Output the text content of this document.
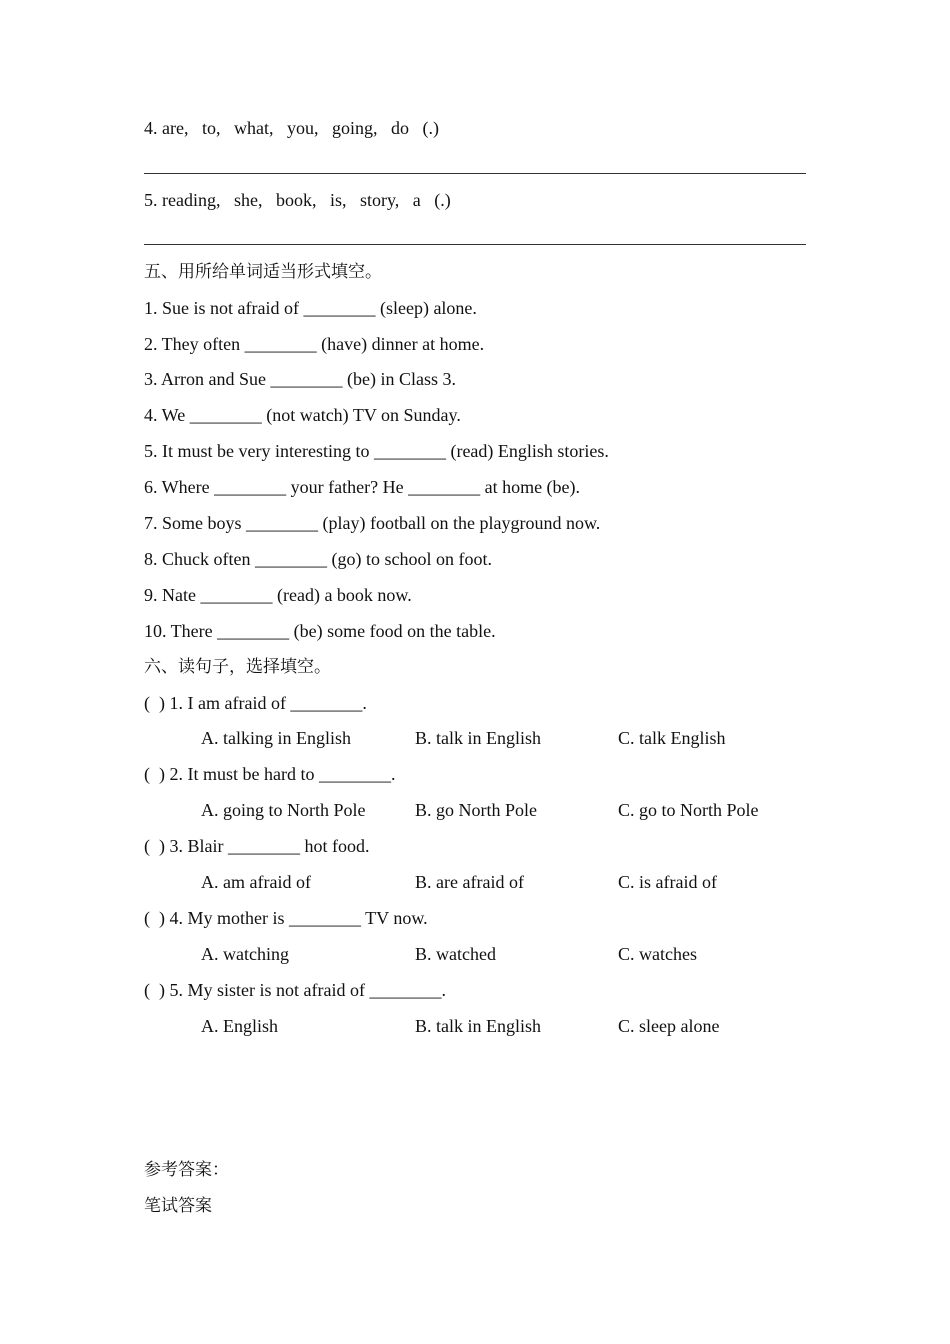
4. are,   to,   what,   you,   going,   do   (.)
5. reading,   she,   book,   is,   story,   a   (.)
五、用所给单词适当形式填空。
1. Sue is not afraid of ________ (sleep) alone.
2. They often ________ (have) dinner at home.
3. Arron and Sue ________ (be) in Class 3.
4. We ________ (not watch) TV on Sunday.
5. It must be very interesting to ________ (read) English stories.
6. Where ________ your father? He ________ at home (be).
7. Some boys ________ (play) football on the playground now.
8. Chuck often ________ (go) to school on foot.
9. Nate ________ (read) a book now.
10. There ________ (be) some food on the table.
六、读句子，选择填空。
(  ) 1. I am afraid of ________.
A. talking in English	B. talk in English	C. talk English
(  ) 2. It must be hard to ________.
A. going to North Pole	B. go North Pole	C. go to North Pole
(  ) 3. Blair ________ hot food.
A. am afraid of	B. are afraid of	C. is afraid of
(  ) 4. My mother is ________ TV now.
A. watching	B. watched	C. watches
(  ) 5. My sister is not afraid of ________.
A. English	B. talk in English	C. sleep alone
参考答案：
笔试答案
